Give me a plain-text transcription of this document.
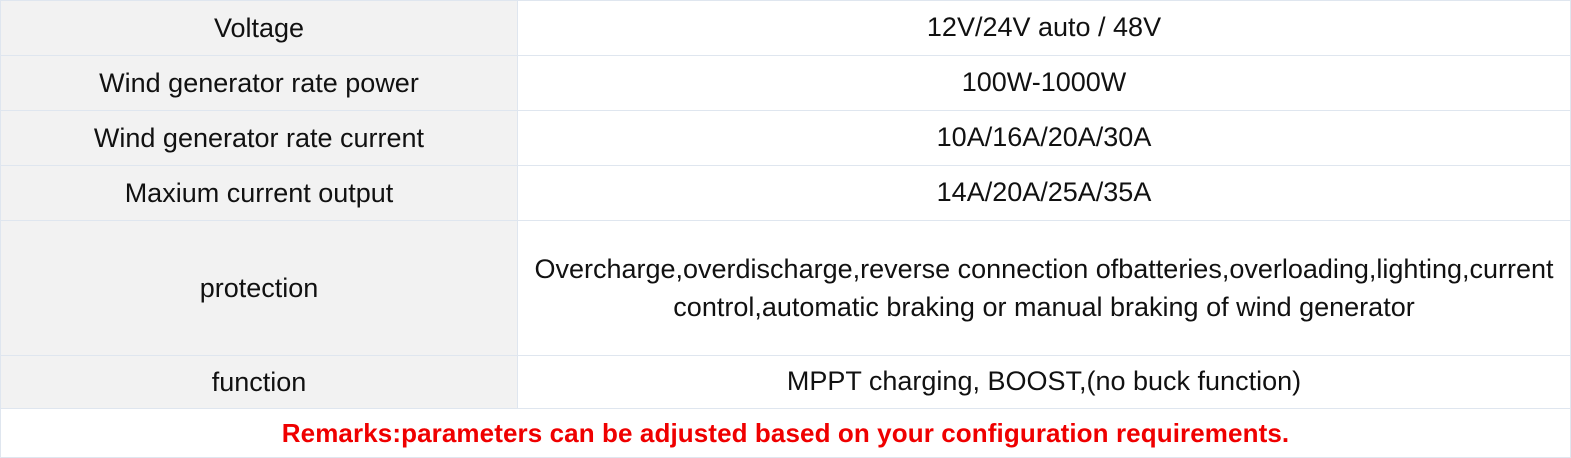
Voltage	12V/24V auto / 48V
Wind generator rate power	100W-1000W
Wind generator rate current	10A/16A/20A/30A
Maxium current output	14A/20A/25A/35A
protection	Overcharge,overdischarge,reverse connection ofbatteries,overloading,lighting,current control,automatic braking or manual braking of wind generator
function	MPPT charging, BOOST,(no buck function)
Remarks:parameters can be adjusted based on your configuration requirements.	
